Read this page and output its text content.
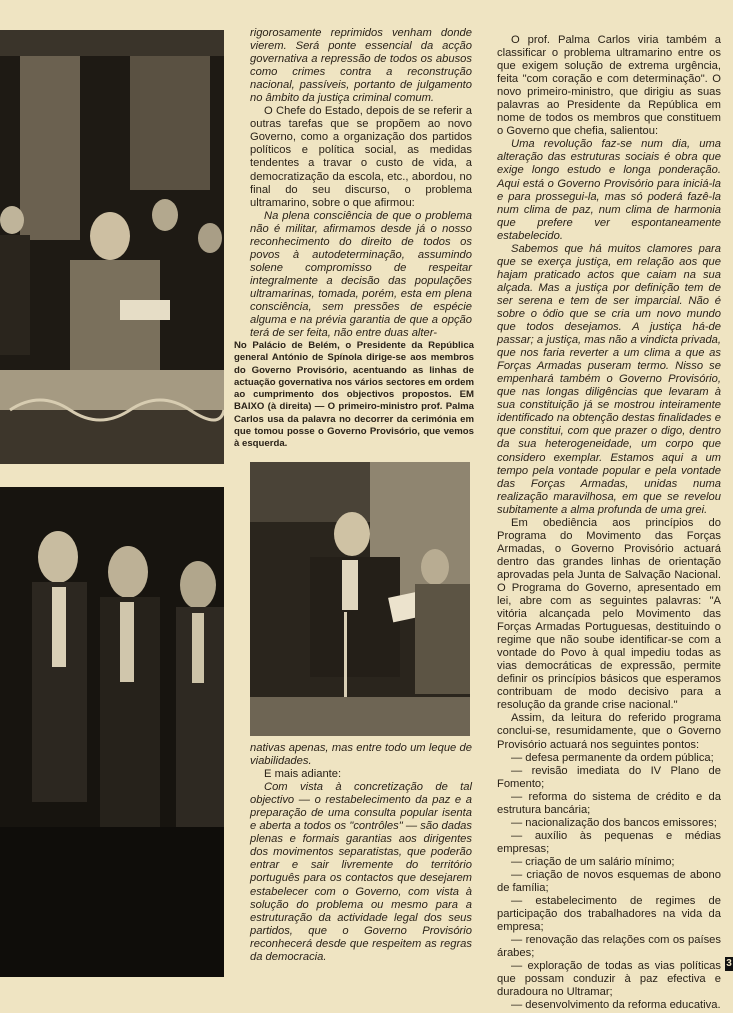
No Palácio de Belém, o Presidente da República general António de Spínola dirige-se aos membros do Governo Provisório, acentuando as linhas de actuação governativa nos vários sectores em ordem ao cumprimento dos objectivos propostos. EM BAIXO (à direita) — O primeiro-ministro prof. Palma Carlos usa da palavra no decorrer da cerimónia em que tomou posse o Governo Provisório, que vemos à esquerda.

rigorosamente reprimidos venham donde vierem. Será ponte essencial da acção governativa a repressão de todos os abusos como crimes contra a reconstrução nacional, passíveis, portanto de julgamento no âmbito da justiça criminal comum.

O Chefe do Estado, depois de se referir a outras tarefas que se propõem ao novo Governo, como a organização dos partidos políticos e política social, as medidas tendentes a travar o custo de vida, a democratização da escola, etc., abordou, no final do seu discurso, o problema ultramarino, sobre o que afirmou:

Na plena consciência de que o problema não é militar, afirmamos desde já o nosso reconhecimento do direito de todos os povos à autodeterminação, assumindo solene compromisso de respeitar integralmente a decisão das populações ultramarinas, tomada, porém, esta em plena consciência, sem pressões de espécie alguma e na prévia garantia de que a opção terá de ser feita, não entre duas alter-

nativas apenas, mas entre todo um leque de viabilidades.

E mais adiante:

Com vista à concretização de tal objectivo — o restabelecimento da paz e a preparação de uma consulta popular isenta e aberta a todos os "contrôles" — são dadas plenas e formais garantias aos dirigentes dos movimentos separatistas, que poderão entrar e sair livremente do território português para os contactos que desejarem estabelecer com o Governo, com vista à solução do problema ou mesmo para a estruturação da actividade legal dos seus partidos, que o Governo Provisório reconhecerá desde que respeitem as regras da democracia.

O prof. Palma Carlos viria também a classificar o problema ultramarino entre os que exigem solução de extrema urgência, feita "com coração e com determinação". O novo primeiro-ministro, que dirigiu as suas palavras ao Presidente da República em nome de todos os membros que constituem o Governo que chefia, salientou:

Uma revolução faz-se num dia, uma alteração das estruturas sociais é obra que exige longo estudo e longa ponderação. Aqui está o Governo Provisório para iniciá-la e para prossegui-la, mas só poderá fazê-la num clima de paz, num clima de harmonia que prefere ver espontaneamente estabelecido.

Sabemos que há muitos clamores para que se exerça justiça, em relação aos que hajam praticado actos que caiam na sua alçada. Mas a justiça por definição tem de ser serena e tem de ser imparcial. Não é sobre o ódio que se cria um novo mundo que todos desejamos. A justiça há-de passar; a justiça, mas não a vindicta privada, que nos faria reverter a um clima a que as Forças Armadas puseram termo. Nisso se empenhará também o Governo Provisório, que nas longas diligências que levaram à sua constituição já se mostrou inteiramente identificado na obtenção destas finalidades e que constitui, com que prazer o digo, dentro da sua heterogeneidade, um corpo que considero exemplar. Estamos aqui a um tempo pela vontade popular e pela vontade das Forças Armadas, unidas numa realização maravilhosa, em que se revelou subitamente a alma profunda de uma grei.

Em obediência aos princípios do Programa do Movimento das Forças Armadas, o Governo Provisório actuará dentro das grandes linhas de orientação aprovadas pela Junta de Salvação Nacional. O Programa do Governo, apresentado em lei, abre com as seguintes palavras: "A vitória alcançada pelo Movimento das Forças Armadas Portuguesas, destituindo o regime que não soube identificar-se com a vontade do Povo à qual impediu todas as vias democráticas de expressão, permite definir os princípios básicos que esperamos contribuam de modo decisivo para a resolução da grande crise nacional."

Assim, da leitura do referido programa conclui-se, resumidamente, que o Governo Provisório actuará nos seguintes pontos:

— defesa permanente da ordem pública;

— revisão imediata do IV Plano de Fomento;

— reforma do sistema de crédito e da estrutura bancária;

— nacionalização dos bancos emissores;

— auxílio às pequenas e médias empresas;

— criação de um salário mínimo;

— criação de novos esquemas de abono de família;

— estabelecimento de regimes de participação dos trabalhadores na vida da empresa;

— renovação das relações com os países árabes;

— exploração de todas as vias políticas que possam conduzir à paz efectiva e duradoura no Ultramar;

— desenvolvimento da reforma educativa.

3
